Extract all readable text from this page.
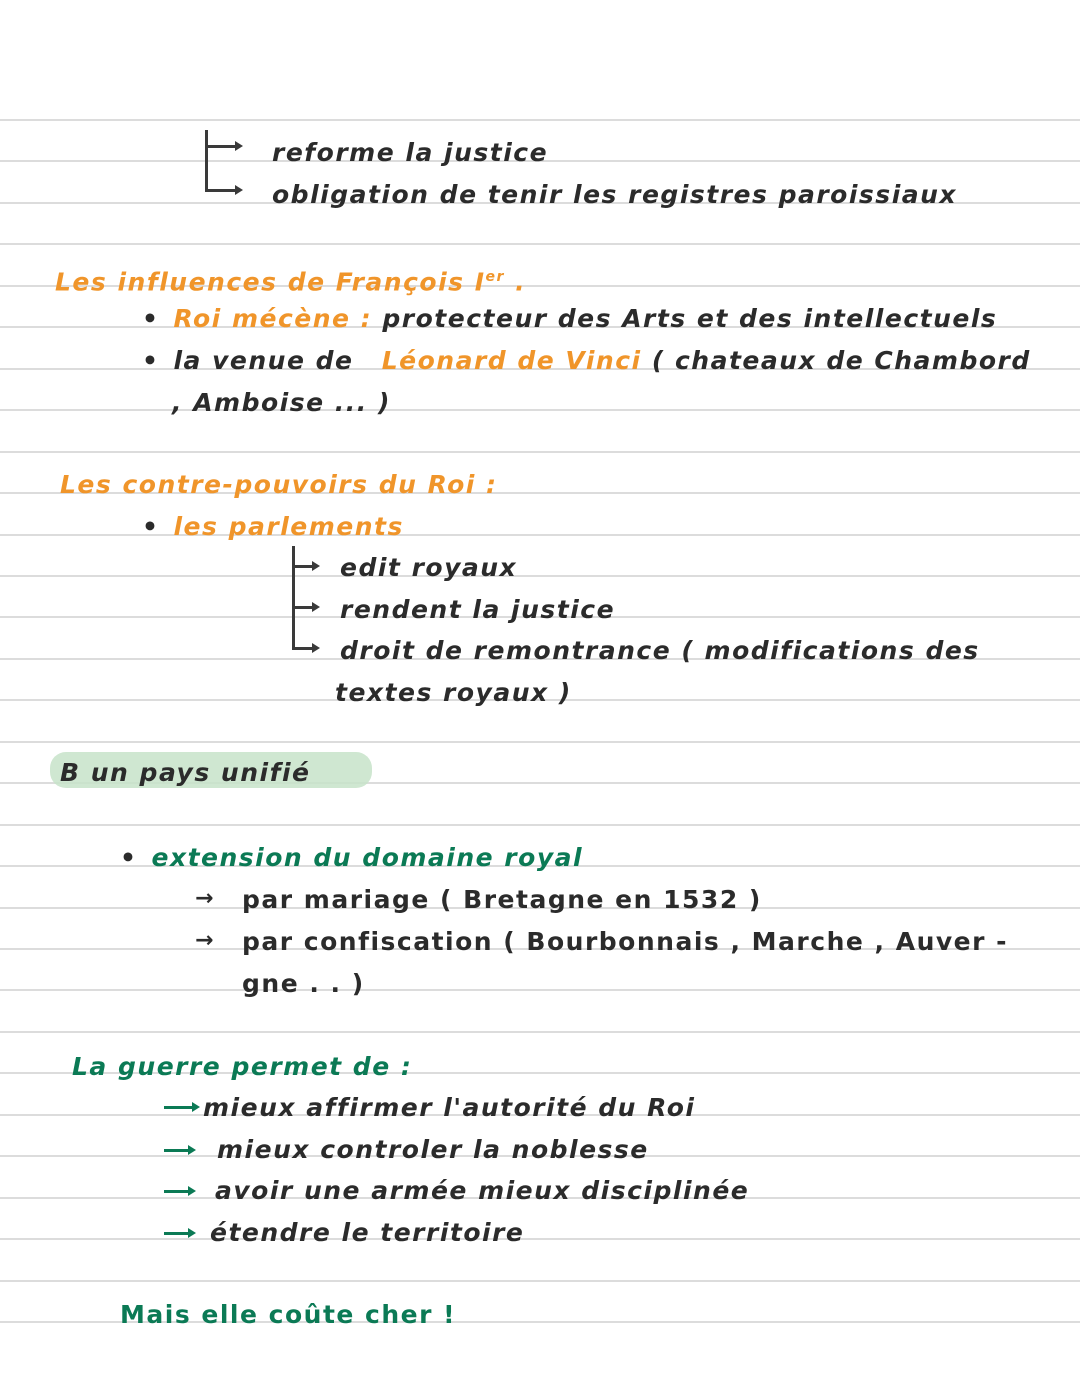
reforme la justice
obligation de tenir les registres paroissiaux
Les influences de François Ier .
• Roi mécène : protecteur des Arts et des intellectuels
• la venue de Léonard de Vinci ( chateaux de Chambord
, Amboise ... )
Les contre-pouvoirs du Roi :
• les parlements
edit royaux
rendent la justice
droit de remontrance ( modifications des
textes royaux )
B un pays unifié
• extension du domaine royal
→ par mariage ( Bretagne en 1532 )
→ par confiscation ( Bourbonnais , Marche , Auver -
gne . . )
La guerre permet de :
mieux affirmer l'autorité du Roi
mieux controler la noblesse
avoir une armée mieux disciplinée
étendre le territoire
Mais elle coûte cher !
